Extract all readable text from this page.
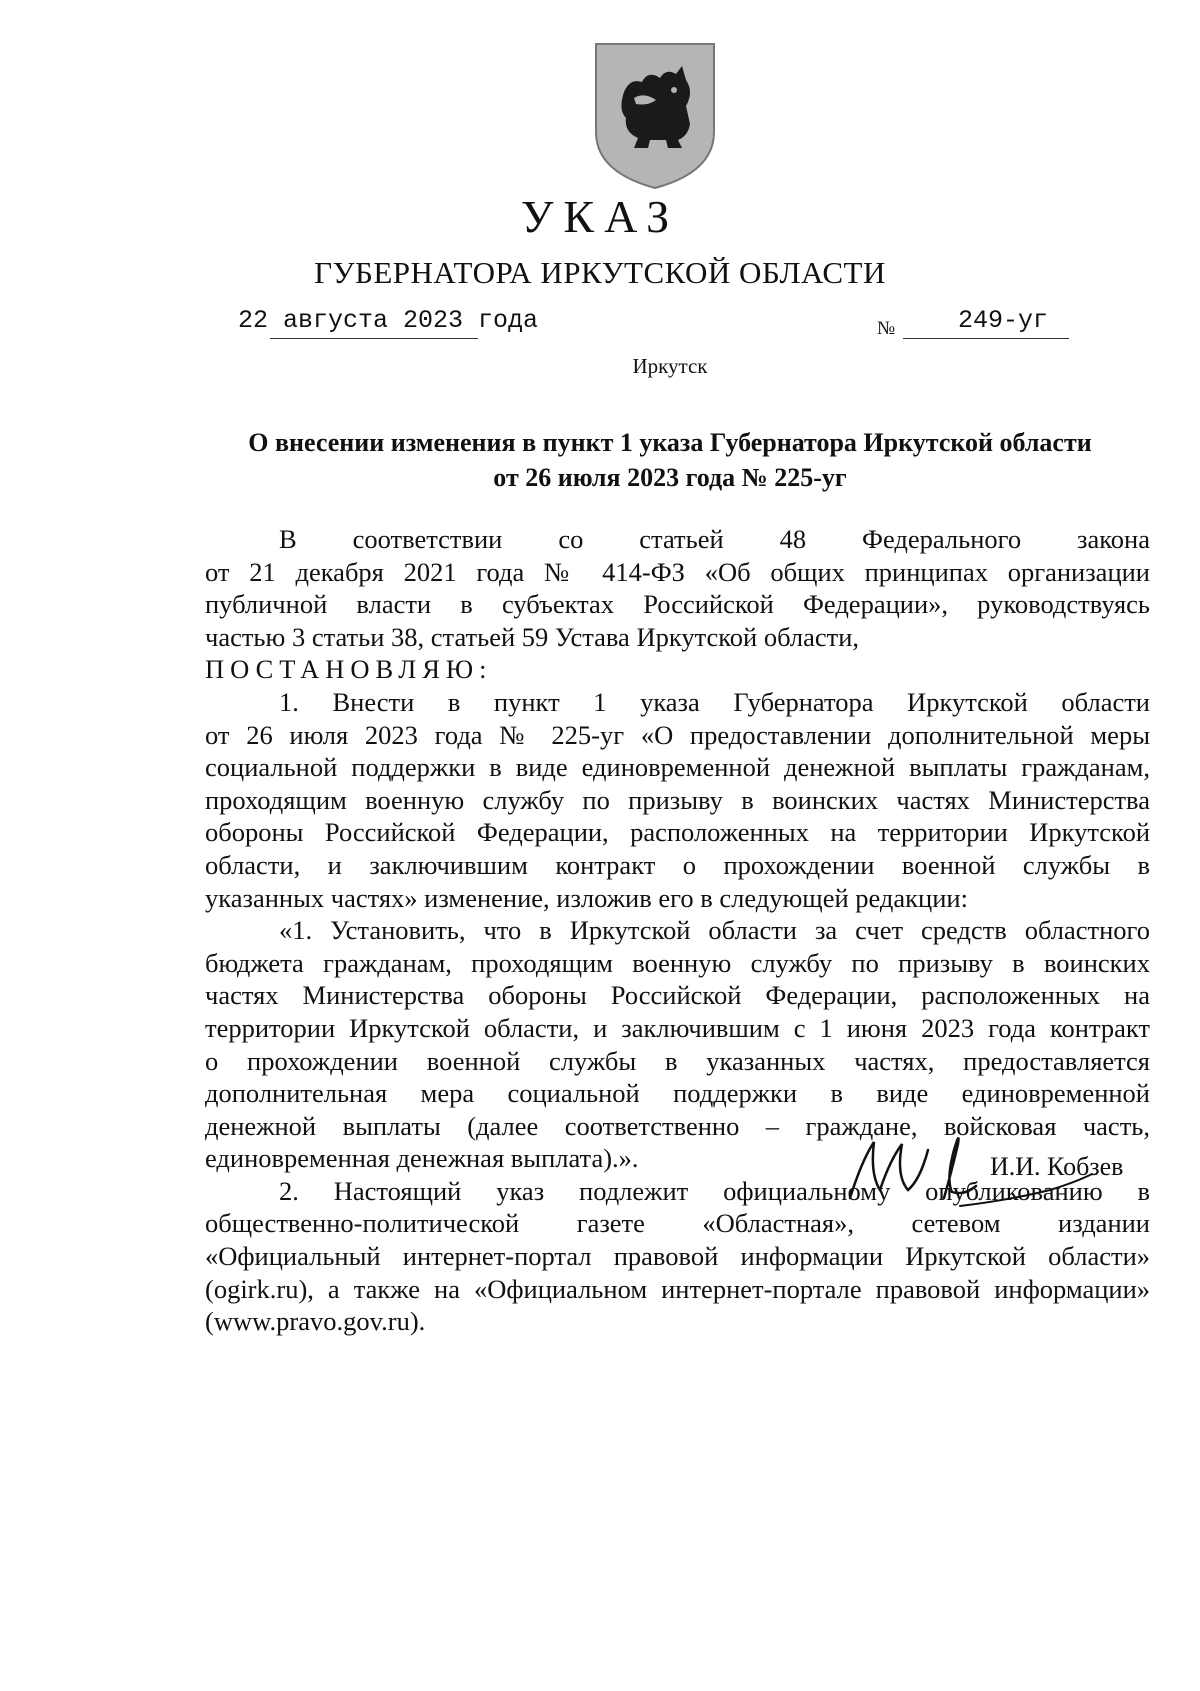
УКАЗ
ГУБЕРНАТОРА ИРКУТСКОЙ ОБЛАСТИ
22 августа 2023 года	№	249-уг
Иркутск
О внесении изменения в пункт 1 указа Губернатора Иркутской области
от 26 июля 2023 года № 225-уг
В соответствии со статьей 48 Федерального закона
от 21 декабря 2021 года № 414-ФЗ «Об общих принципах организации
публичной власти в субъектах Российской Федерации», руководствуясь
частью 3 статьи 38, статьей 59 Устава Иркутской области,
ПОСТАНОВЛЯЮ:
1. Внести в пункт 1 указа Губернатора Иркутской области
от 26 июля 2023 года № 225-уг «О предоставлении дополнительной меры
социальной поддержки в виде единовременной денежной выплаты гражданам,
проходящим военную службу по призыву в воинских частях Министерства
обороны Российской Федерации, расположенных на территории Иркутской
области, и заключившим контракт о прохождении военной службы в
указанных частях» изменение, изложив его в следующей редакции:
«1. Установить, что в Иркутской области за счет средств областного
бюджета гражданам, проходящим военную службу по призыву в воинских
частях Министерства обороны Российской Федерации, расположенных на
территории Иркутской области, и заключившим с 1 июня 2023 года контракт
о прохождении военной службы в указанных частях, предоставляется
дополнительная мера социальной поддержки в виде единовременной
денежной выплаты (далее соответственно – граждане, войсковая часть,
единовременная денежная выплата).».
2. Настоящий указ подлежит официальному опубликованию в
общественно-политической газете «Областная», сетевом издании
«Официальный интернет-портал правовой информации Иркутской области»
(ogirk.ru), а также на «Официальном интернет-портале правовой информации»
(www.pravo.gov.ru).
И.И. Кобзев
